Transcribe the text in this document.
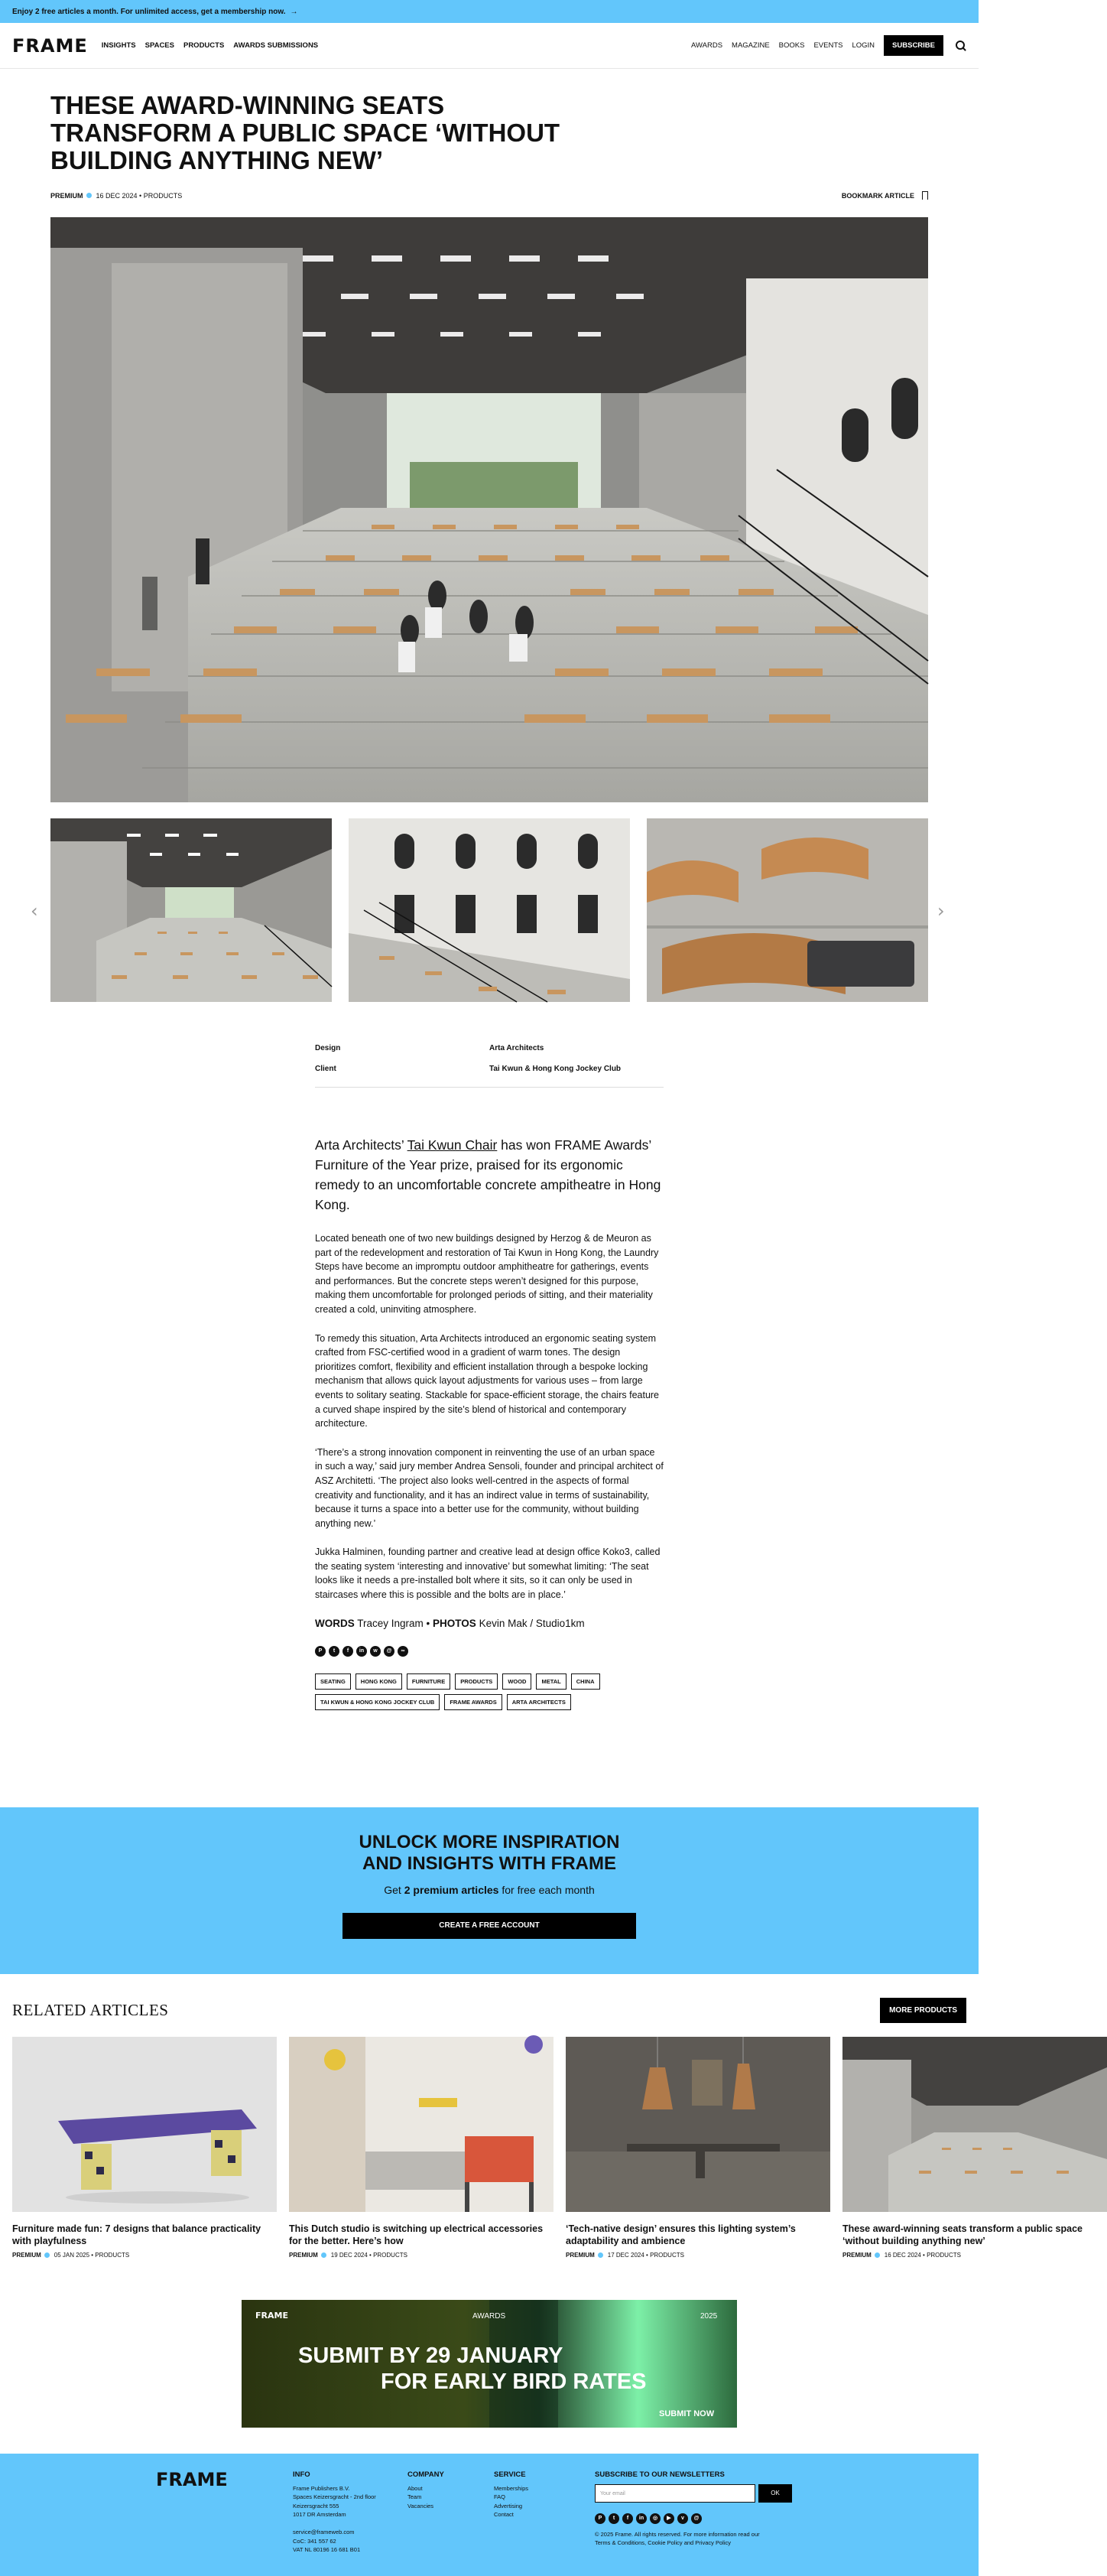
Enjoy 2 free articles a month. For unlimited access, get a membership now. →
FRAME INSIGHTS SPACES PRODUCTS AWARDS SUBMISSIONS	AWARDS MAGAZINE BOOKS EVENTS LOGIN	SUBSCRIBE
THESE AWARD-WINNING SEATS TRANSFORM A PUBLIC SPACE ‘WITHOUT BUILDING ANYTHING NEW’
PREMIUM 16 DEC 2024 • PRODUCTS	BOOKMARK ARTICLE
‹	›
Design	Arta Architects
Client	Tai Kwun & Hong Kong Jockey Club

Arta Architects’ Tai Kwun Chair has won FRAME Awards’ Furniture of the Year prize, praised for its ergonomic remedy to an uncomfortable concrete ampitheatre in Hong Kong.

Located beneath one of two new buildings designed by Herzog & de Meuron as part of the redevelopment and restoration of Tai Kwun in Hong Kong, the Laundry Steps have become an impromptu outdoor amphitheatre for gatherings, events and performances. But the concrete steps weren’t designed for this purpose, making them uncomfortable for prolonged periods of sitting, and their materiality created a cold, uninviting atmosphere.

To remedy this situation, Arta Architects introduced an ergonomic seating system crafted from FSC-certified wood in a gradient of warm tones. The design prioritizes comfort, flexibility and efficient installation through a bespoke locking mechanism that allows quick layout adjustments for various uses – from large events to solitary seating. Stackable for space-efficient storage, the chairs feature a curved shape inspired by the site’s blend of historical and contemporary architecture.

‘There’s a strong innovation component in reinventing the use of an urban space in such a way,’ said jury member Andrea Sensoli, founder and principal architect of ASZ Architetti. ‘The project also looks well-centred in the aspects of formal creativity and functionality, and it has an indirect value in terms of sustainability, because it turns a space into a better use for the community, without building anything new.’

Jukka Halminen, founding partner and creative lead at design office Koko3, called the seating system ‘interesting and innovative’ but somewhat limiting: ‘The seat looks like it needs a pre-installed bolt where it sits, so it can only be used in staircases where this is possible and the bolts are in place.’

WORDS Tracey Ingram • PHOTOS Kevin Mak / Studio1km
P	t	f	in	w	@	∞
SEATING	HONG KONG	FURNITURE	PRODUCTS	WOOD	METAL	CHINA
TAI KWUN & HONG KONG JOCKEY CLUB	FRAME AWARDS	ARTA ARCHITECTS
UNLOCK MORE INSPIRATION
AND INSIGHTS WITH FRAME

Get 2 premium articles for free each month

CREATE A FREE ACCOUNT
RELATED ARTICLES	MORE PRODUCTS
Furniture made fun: 7 designs that balance practicality with playfulness
PREMIUM 05 JAN 2025 • PRODUCTS
This Dutch studio is switching up electrical accessories for the better. Here’s how
PREMIUM 19 DEC 2024 • PRODUCTS
‘Tech-native design’ ensures this lighting system’s adaptability and ambience
PREMIUM 17 DEC 2024 • PRODUCTS
These award-winning seats transform a public space ‘without building anything new’
PREMIUM 16 DEC 2024 • PRODUCTS
FRAME	AWARDS	2025
SUBMIT BY 29 JANUARY
FOR EARLY BIRD RATES
SUBMIT NOW
FRAME	INFO
Frame Publishers B.V.
Spaces Keizersgracht - 2nd floor
Keizersgracht 555
1017 DR Amsterdam

service@frameweb.com
CoC: 341 557 62
VAT NL 80196 16 681 B01
COMPANY
About
Team
Vacancies
SERVICE
Memberships
FAQ
Advertising
Contact
SUBSCRIBE TO OUR NEWSLETTERS
Your email	OK
P	t	f	in	◎	▶	v	@
© 2025 Frame. All rights reserved. For more information read our
Terms & Conditions, Cookie Policy and Privacy Policy
